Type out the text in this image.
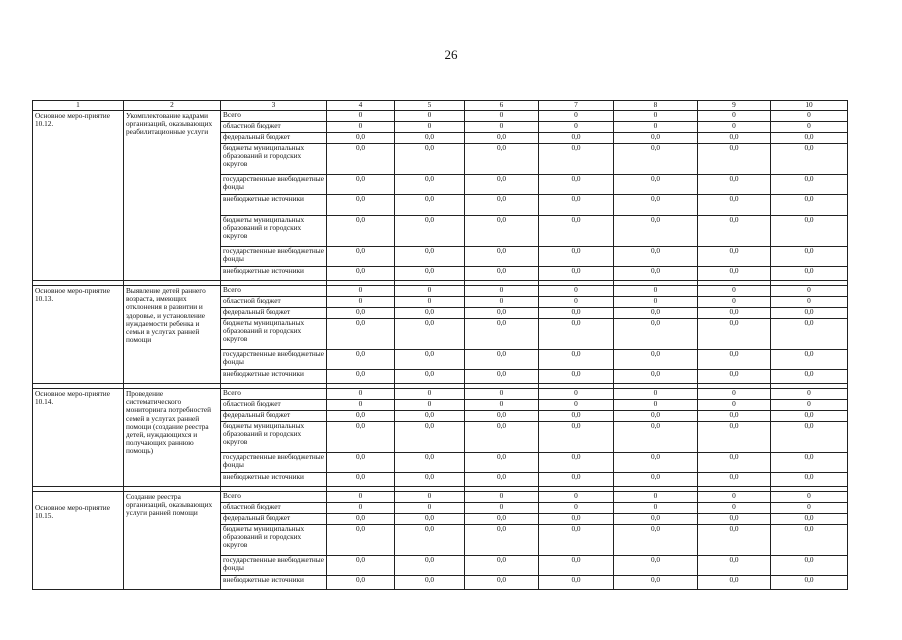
26
1	2	3	4	5	6	7	8	9	10
Основное меро-приятие 10.12.	Укомплектование кадрами организаций, оказывающих реабилитационные услуги	Всего	0	0	0	0	0	0	0
		областной бюджет	0	0	0	0	0	0	0
		федеральный бюджет	0,0	0,0	0,0	0,0	0,0	0,0	0,0
		бюджеты муниципальных образований и городских округов	0,0	0,0	0,0	0,0	0,0	0,0	0,0
		государственные внебюджетные фонды	0,0	0,0	0,0	0,0	0,0	0,0	0,0
		внебюджетные источники	0,0	0,0	0,0	0,0	0,0	0,0	0,0
		бюджеты муниципальных образований и городских округов	0,0	0,0	0,0	0,0	0,0	0,0	0,0
		государственные внебюджетные фонды	0,0	0,0	0,0	0,0	0,0	0,0	0,0
		внебюджетные источники	0,0	0,0	0,0	0,0	0,0	0,0	0,0

Основное меро-приятие 10.13.	Выявление детей раннего возраста, имеющих отклонения в развитии и здоровье, и установление нуждаемости ребенка и семьи в услугах ранней помощи	Всего	0	0	0	0	0	0	0
		областной бюджет	0	0	0	0	0	0	0
		федеральный бюджет	0,0	0,0	0,0	0,0	0,0	0,0	0,0
		бюджеты муниципальных образований и городских округов	0,0	0,0	0,0	0,0	0,0	0,0	0,0
		государственные внебюджетные фонды	0,0	0,0	0,0	0,0	0,0	0,0	0,0
		внебюджетные источники	0,0	0,0	0,0	0,0	0,0	0,0	0,0

Основное меро-приятие 10.14.	Проведение систематического мониторинга потребностей семей в услугах ранней помощи (создание реестра детей, нуждающихся и получающих раннюю помощь)	Всего	0	0	0	0	0	0	0
		областной бюджет	0	0	0	0	0	0	0
		федеральный бюджет	0,0	0,0	0,0	0,0	0,0	0,0	0,0
		бюджеты муниципальных образований и городских округов	0,0	0,0	0,0	0,0	0,0	0,0	0,0
		государственные внебюджетные фонды	0,0	0,0	0,0	0,0	0,0	0,0	0,0
		внебюджетные источники	0,0	0,0	0,0	0,0	0,0	0,0	0,0

Основное меро-приятие 10.15.	Создание реестра организаций, оказывающих услуги ранней помощи	Всего	0	0	0	0	0	0	0
		областной бюджет	0	0	0	0	0	0	0
		федеральный бюджет	0,0	0,0	0,0	0,0	0,0	0,0	0,0
		бюджеты муниципальных образований и городских округов	0,0	0,0	0,0	0,0	0,0	0,0	0,0
		государственные внебюджетные фонды	0,0	0,0	0,0	0,0	0,0	0,0	0,0
		внебюджетные источники	0,0	0,0	0,0	0,0	0,0	0,0	0,0
